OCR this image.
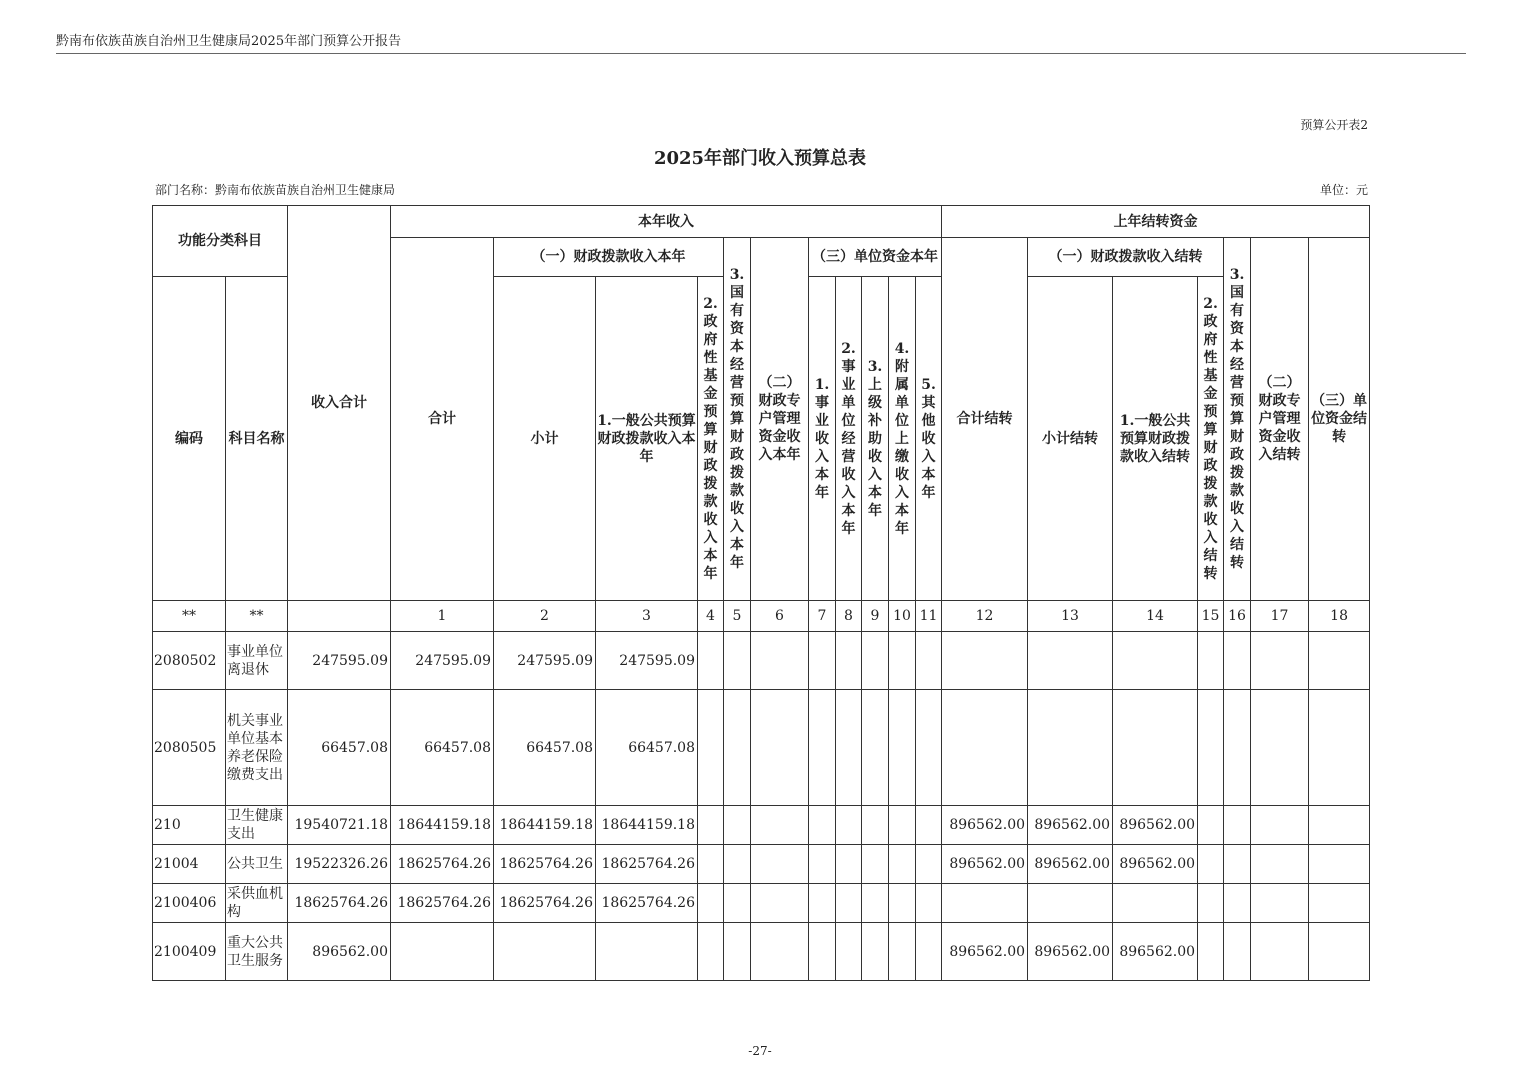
黔南布依族苗族自治州卫生健康局2025年部门预算公开报告
预算公开表2
2025年部门收入预算总表
部门名称：黔南布依族苗族自治州卫生健康局	单位：元
功能分类科目		收入合计	本年收入											上年结转资金						
			合计	（一）财政拨款收入本年			3.国有资本经营预算财政拨款收入本年	（二）财政专户管理资金收入本年	（三）单位资金本年					合计结转	（一）财政拨款收入结转			3.国有资本经营预算财政拨款收入结转	（二）财政专户管理资金收入结转	（三）单位资金结转
编码	科目名称			小计	1.一般公共预算财政拨款收入本年	2.政府性基金预算财政拨款收入本年			1.事业收入本年	2.事业单位经营收入本年	3.上级补助收入本年	4.附属单位上缴收入本年	5.其他收入本年		小计结转	1.一般公共预算财政拨款收入结转	2.政府性基金预算财政拨款收入结转			
**	**		1	2	3	4	5	6	7	8	9	10	11	12	13	14	15	16	17	18
2080502	事业单位离退休	247595.09	247595.09	247595.09	247595.09															
2080505	机关事业单位基本养老保险缴费支出	66457.08	66457.08	66457.08	66457.08															
210	卫生健康支出	19540721.18	18644159.18	18644159.18	18644159.18									896562.00	896562.00	896562.00				
21004	公共卫生	19522326.26	18625764.26	18625764.26	18625764.26									896562.00	896562.00	896562.00				
2100406	采供血机构	18625764.26	18625764.26	18625764.26	18625764.26															
2100409	重大公共卫生服务	896562.00												896562.00	896562.00	896562.00				
-27-
